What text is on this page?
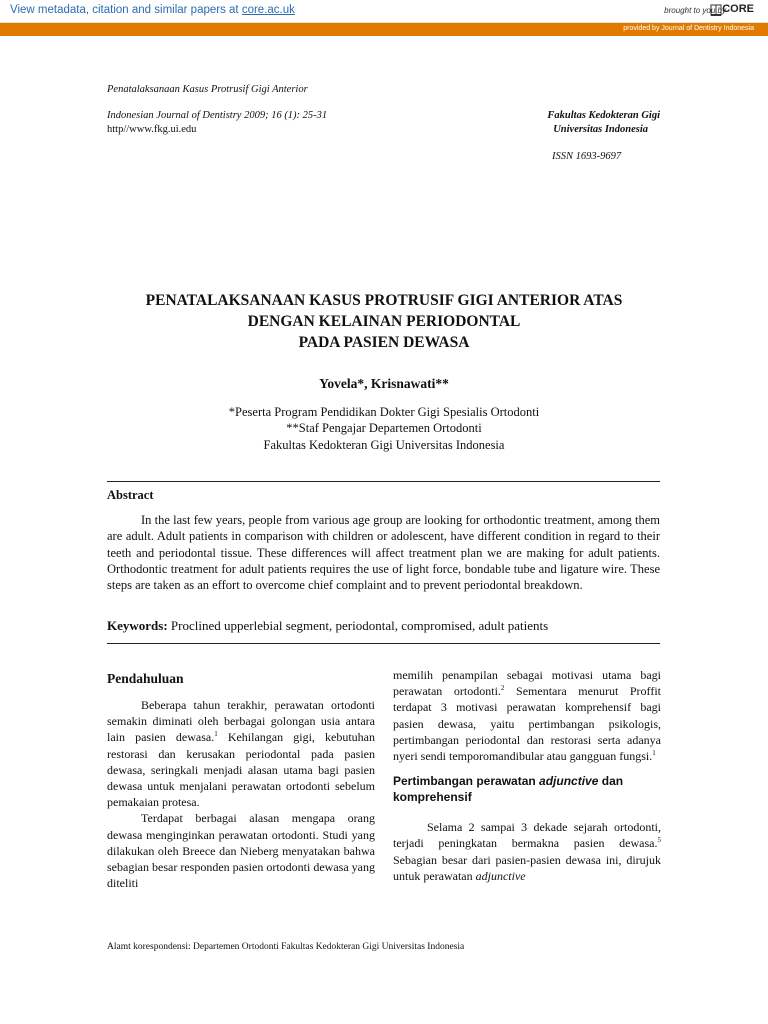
View metadata, citation and similar papers at core.ac.uk	brought to you by
CORE
provided by Journal of Dentistry Indonesia
Penatalaksanaan Kasus Protrusif Gigi Anterior
Indonesian Journal of Dentistry 2009; 16 (1): 25-31
http//www.fkg.ui.edu
Fakultas Kedokteran Gigi
Universitas Indonesia
ISSN 1693-9697
PENATALAKSANAAN KASUS PROTRUSIF GIGI ANTERIOR ATAS
DENGAN KELAINAN PERIODONTAL
PADA PASIEN DEWASA
Yovela*, Krisnawati**
*Peserta Program Pendidikan Dokter Gigi Spesialis Ortodonti
**Staf Pengajar Departemen Ortodonti
Fakultas Kedokteran Gigi Universitas Indonesia
Abstract

In the last few years, people from various age group are looking for orthodontic treatment, among them are adult. Adult patients in comparison with children or adolescent, have different condition in regard to their teeth and periodontal tissue. These differences will affect treatment plan we are making for adult patients. Orthodontic treatment for adult patients requires the use of light force, bondable tube and ligature wire. These steps are taken as an effort to overcome chief complaint and to prevent periodontal breakdown.

Keywords: Proclined upperlebial segment, periodontal, compromised, adult patients
Pendahuluan

Beberapa tahun terakhir, perawatan ortodonti semakin diminati oleh berbagai golongan usia antara lain pasien dewasa.$^1$ Kehilangan gigi, kebutuhan restorasi dan kerusakan periodontal pada pasien dewasa, seringkali menjadi alasan utama bagi pasien dewasa untuk menjalani perawatan ortodonti sebelum pemakaian protesa.

Terdapat berbagai alasan mengapa orang dewasa menginginkan perawatan ortodonti. Studi yang dilakukan oleh Breece dan Nieberg menyatakan bahwa sebagian besar responden pasien ortodonti dewasa yang diteliti

memilih penampilan sebagai motivasi utama bagi perawatan ortodonti.$^2$ Sementara menurut Proffit terdapat 3 motivasi perawatan komprehensif bagi pasien dewasa, yaitu pertimbangan psikologis, pertimbangan periodontal dan restorasi serta adanya nyeri sendi temporomandibular atau gangguan fungsi.$^1$

Pertimbangan perawatan adjunctive dan komprehensif

Selama 2 sampai 3 dekade sejarah ortodonti, terjadi peningkatan bermakna pasien dewasa.$^5$ Sebagian besar dari pasien-pasien dewasa ini, dirujuk untuk perawatan adjunctive

Alamt korespondensi: Departemen Ortodonti Fakultas Kedokteran Gigi Universitas Indonesia
